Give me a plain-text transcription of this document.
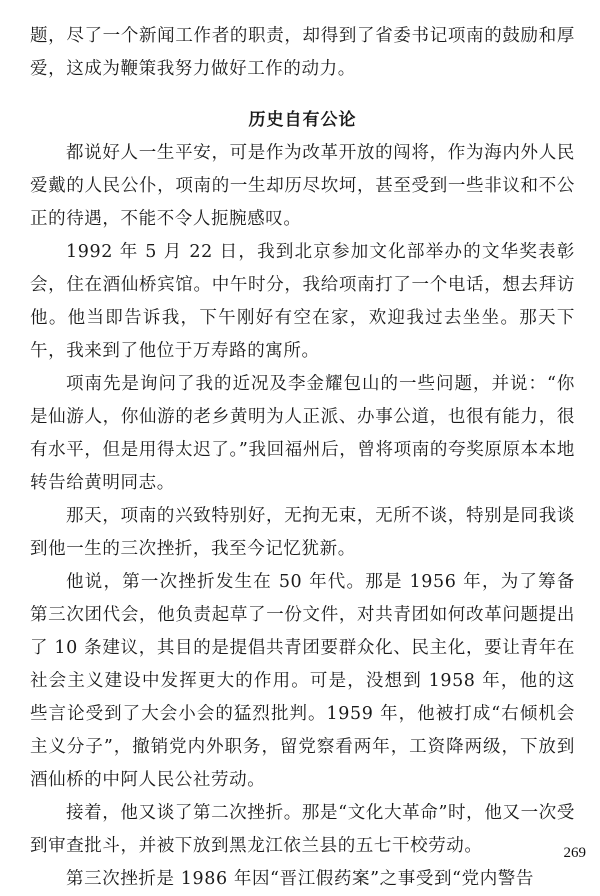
题，尽了一个新闻工作者的职责，却得到了省委书记项南的鼓励和厚爱，这成为鞭策我努力做好工作的动力。

历史自有公论

都说好人一生平安，可是作为改革开放的闯将，作为海内外人民爱戴的人民公仆，项南的一生却历尽坎坷，甚至受到一些非议和不公正的待遇，不能不令人扼腕感叹。

1992 年 5 月 22 日，我到北京参加文化部举办的文华奖表彰会，住在酒仙桥宾馆。中午时分，我给项南打了一个电话，想去拜访他。他当即告诉我，下午刚好有空在家，欢迎我过去坐坐。那天下午，我来到了他位于万寿路的寓所。

项南先是询问了我的近况及李金耀包山的一些问题，并说：“你是仙游人，你仙游的老乡黄明为人正派、办事公道，也很有能力，很有水平，但是用得太迟了。”我回福州后，曾将项南的夸奖原原本本地转告给黄明同志。

那天，项南的兴致特别好，无拘无束，无所不谈，特别是同我谈到他一生的三次挫折，我至今记忆犹新。

他说，第一次挫折发生在 50 年代。那是 1956 年，为了筹备第三次团代会，他负责起草了一份文件，对共青团如何改革问题提出了 10 条建议，其目的是提倡共青团要群众化、民主化，要让青年在社会主义建设中发挥更大的作用。可是，没想到 1958 年，他的这些言论受到了大会小会的猛烈批判。1959 年，他被打成“右倾机会主义分子”，撤销党内外职务，留党察看两年，工资降两级，下放到酒仙桥的中阿人民公社劳动。

接着，他又谈了第二次挫折。那是“文化大革命”时，他又一次受到审查批斗，并被下放到黑龙江依兰县的五七干校劳动。

第三次挫折是 1986 年因“晋江假药案”之事受到“党内警告

269
